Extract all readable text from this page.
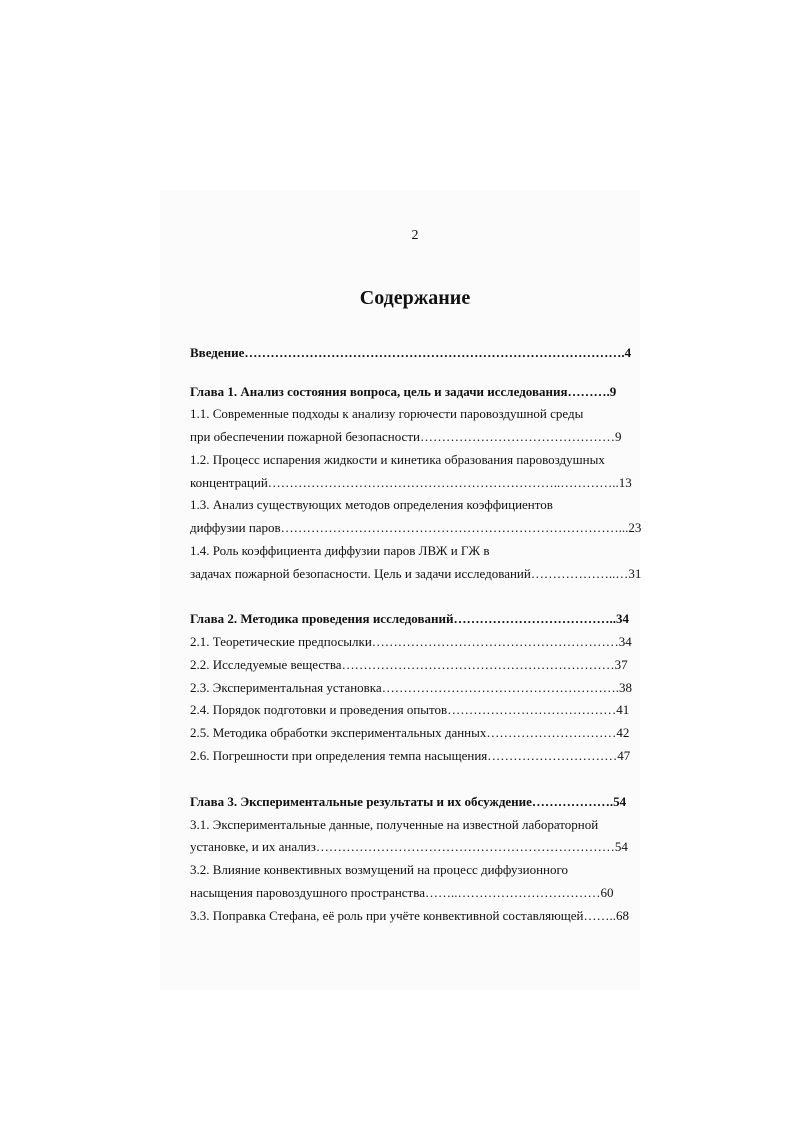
2
Содержание
Введение…………………………………………………………………………….4
Глава 1. Анализ состояния вопроса, цель и задачи исследования……….9
1.1. Современные подходы к анализу горючести паровоздушной среды
при обеспечении пожарной безопасности………………………………………9
1.2. Процесс испарения жидкости и кинетика образования паровоздушных
концентраций…………………………………………………………..…………..13
1.3. Анализ существующих методов определения коэффициентов
диффузии паров……………………………………………………………………...23
1.4. Роль коэффициента диффузии паров ЛВЖ и ГЖ в
задачах пожарной безопасности. Цель и задачи исследований………………..…31
Глава 2. Методика проведения исследований………………………………..34
2.1. Теоретические предпосылки…………………………………………………34
2.2. Исследуемые вещества………………………………………………………37
2.3. Экспериментальная установка……………………………………………….38
2.4. Порядок подготовки и проведения опытов…………………………………41
2.5. Методика обработки экспериментальных данных…………………………42
2.6. Погрешности при определения темпа насыщения…………………………47
Глава 3. Экспериментальные результаты и их обсуждение……………….54
3.1. Экспериментальные данные, полученные на известной лабораторной
установке, и их анализ……………………………………………………………54
3.2. Влияние конвективных возмущений на процесс диффузионного
насыщения паровоздушного пространства……..……………………………60
3.3. Поправка Стефана, её роль при учёте конвективной составляющей……..68
